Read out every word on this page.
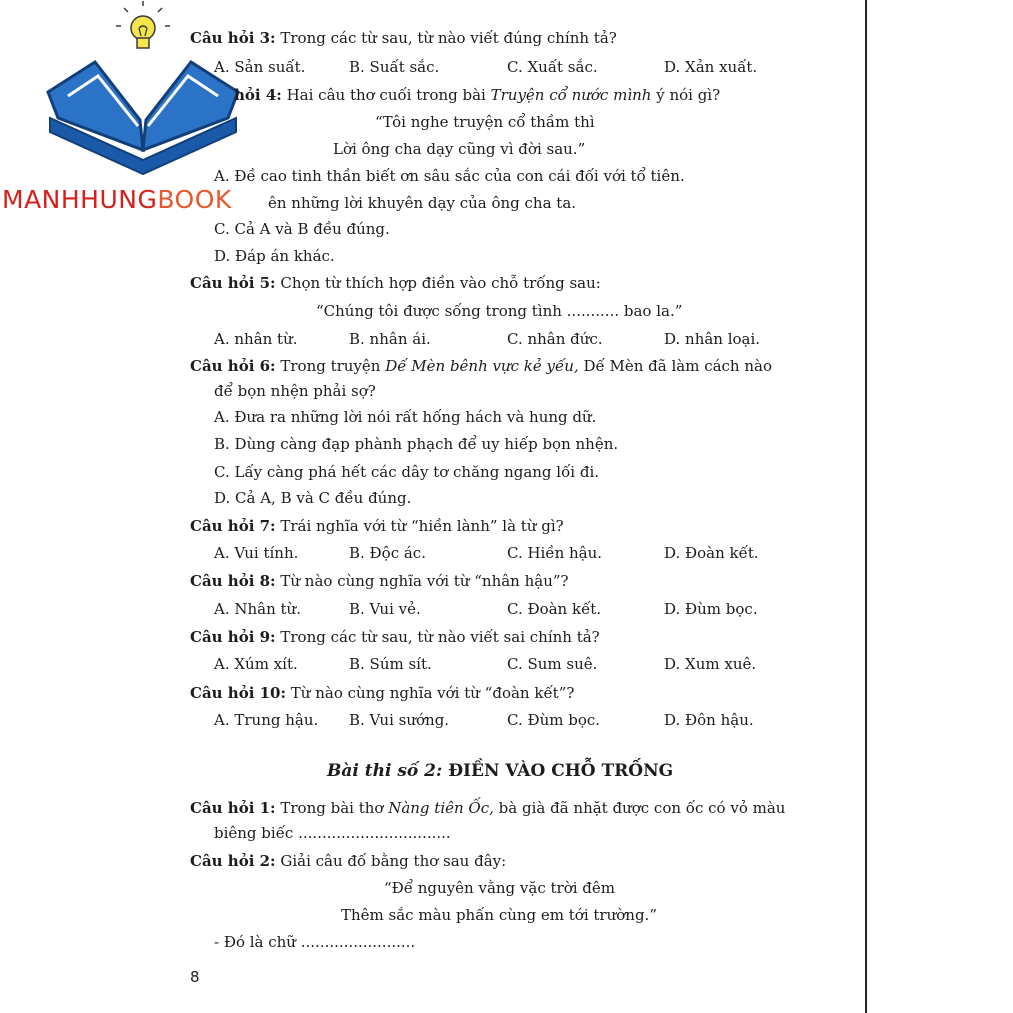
MANHHUNGBOOK
Câu hỏi 3: Trong các từ sau, từ nào viết đúng chính tả?
A. Sản suất.	B. Suất sắc.	C. Xuất sắc.	D. Xản xuất.
hỏi 4: Hai câu thơ cuối trong bài Truyện cổ nước mình ý nói gì?
“Tôi nghe truyện cổ thầm thì
Lời ông cha dạy cũng vì đời sau.”
A. Đề cao tinh thần biết ơn sâu sắc của con cái đối với tổ tiên.
ên những lời khuyên dạy của ông cha ta.
C. Cả A và B đều đúng.
D. Đáp án khác.
Câu hỏi 5: Chọn từ thích hợp điền vào chỗ trống sau:
“Chúng tôi được sống trong tình ........... bao la.”
A. nhân từ.	B. nhân ái.	C. nhân đức.	D. nhân loại.
Câu hỏi 6: Trong truyện Dế Mèn bênh vực kẻ yếu, Dế Mèn đã làm cách nào
để bọn nhện phải sợ?
A. Đưa ra những lời nói rất hống hách và hung dữ.
B. Dùng càng đạp phành phạch để uy hiếp bọn nhện.
C. Lấy càng phá hết các dây tơ chăng ngang lối đi.
D. Cả A, B và C đều đúng.
Câu hỏi 7: Trái nghĩa với từ “hiền lành” là từ gì?
A. Vui tính.	B. Độc ác.	C. Hiền hậu.	D. Đoàn kết.
Câu hỏi 8: Từ nào cùng nghĩa với từ “nhân hậu”?
A. Nhân từ.	B. Vui vẻ.	C. Đoàn kết.	D. Đùm bọc.
Câu hỏi 9: Trong các từ sau, từ nào viết sai chính tả?
A. Xúm xít.	B. Súm sít.	C. Sum suê.	D. Xum xuê.
Câu hỏi 10: Từ nào cùng nghĩa với từ “đoàn kết”?
A. Trung hậu. B. Vui sướng.	C. Đùm bọc.	D. Đôn hậu.
Bài thi số 2: ĐIỀN VÀO CHỖ TRỐNG
Câu hỏi 1: Trong bài thơ Nàng tiên Ốc, bà già đã nhặt được con ốc có vỏ màu
biêng biếc ................................
Câu hỏi 2: Giải câu đố bằng thơ sau đây:
“Để nguyên vằng vặc trời đêm
Thêm sắc màu phấn cùng em tới trường.”
- Đó là chữ ........................
8
